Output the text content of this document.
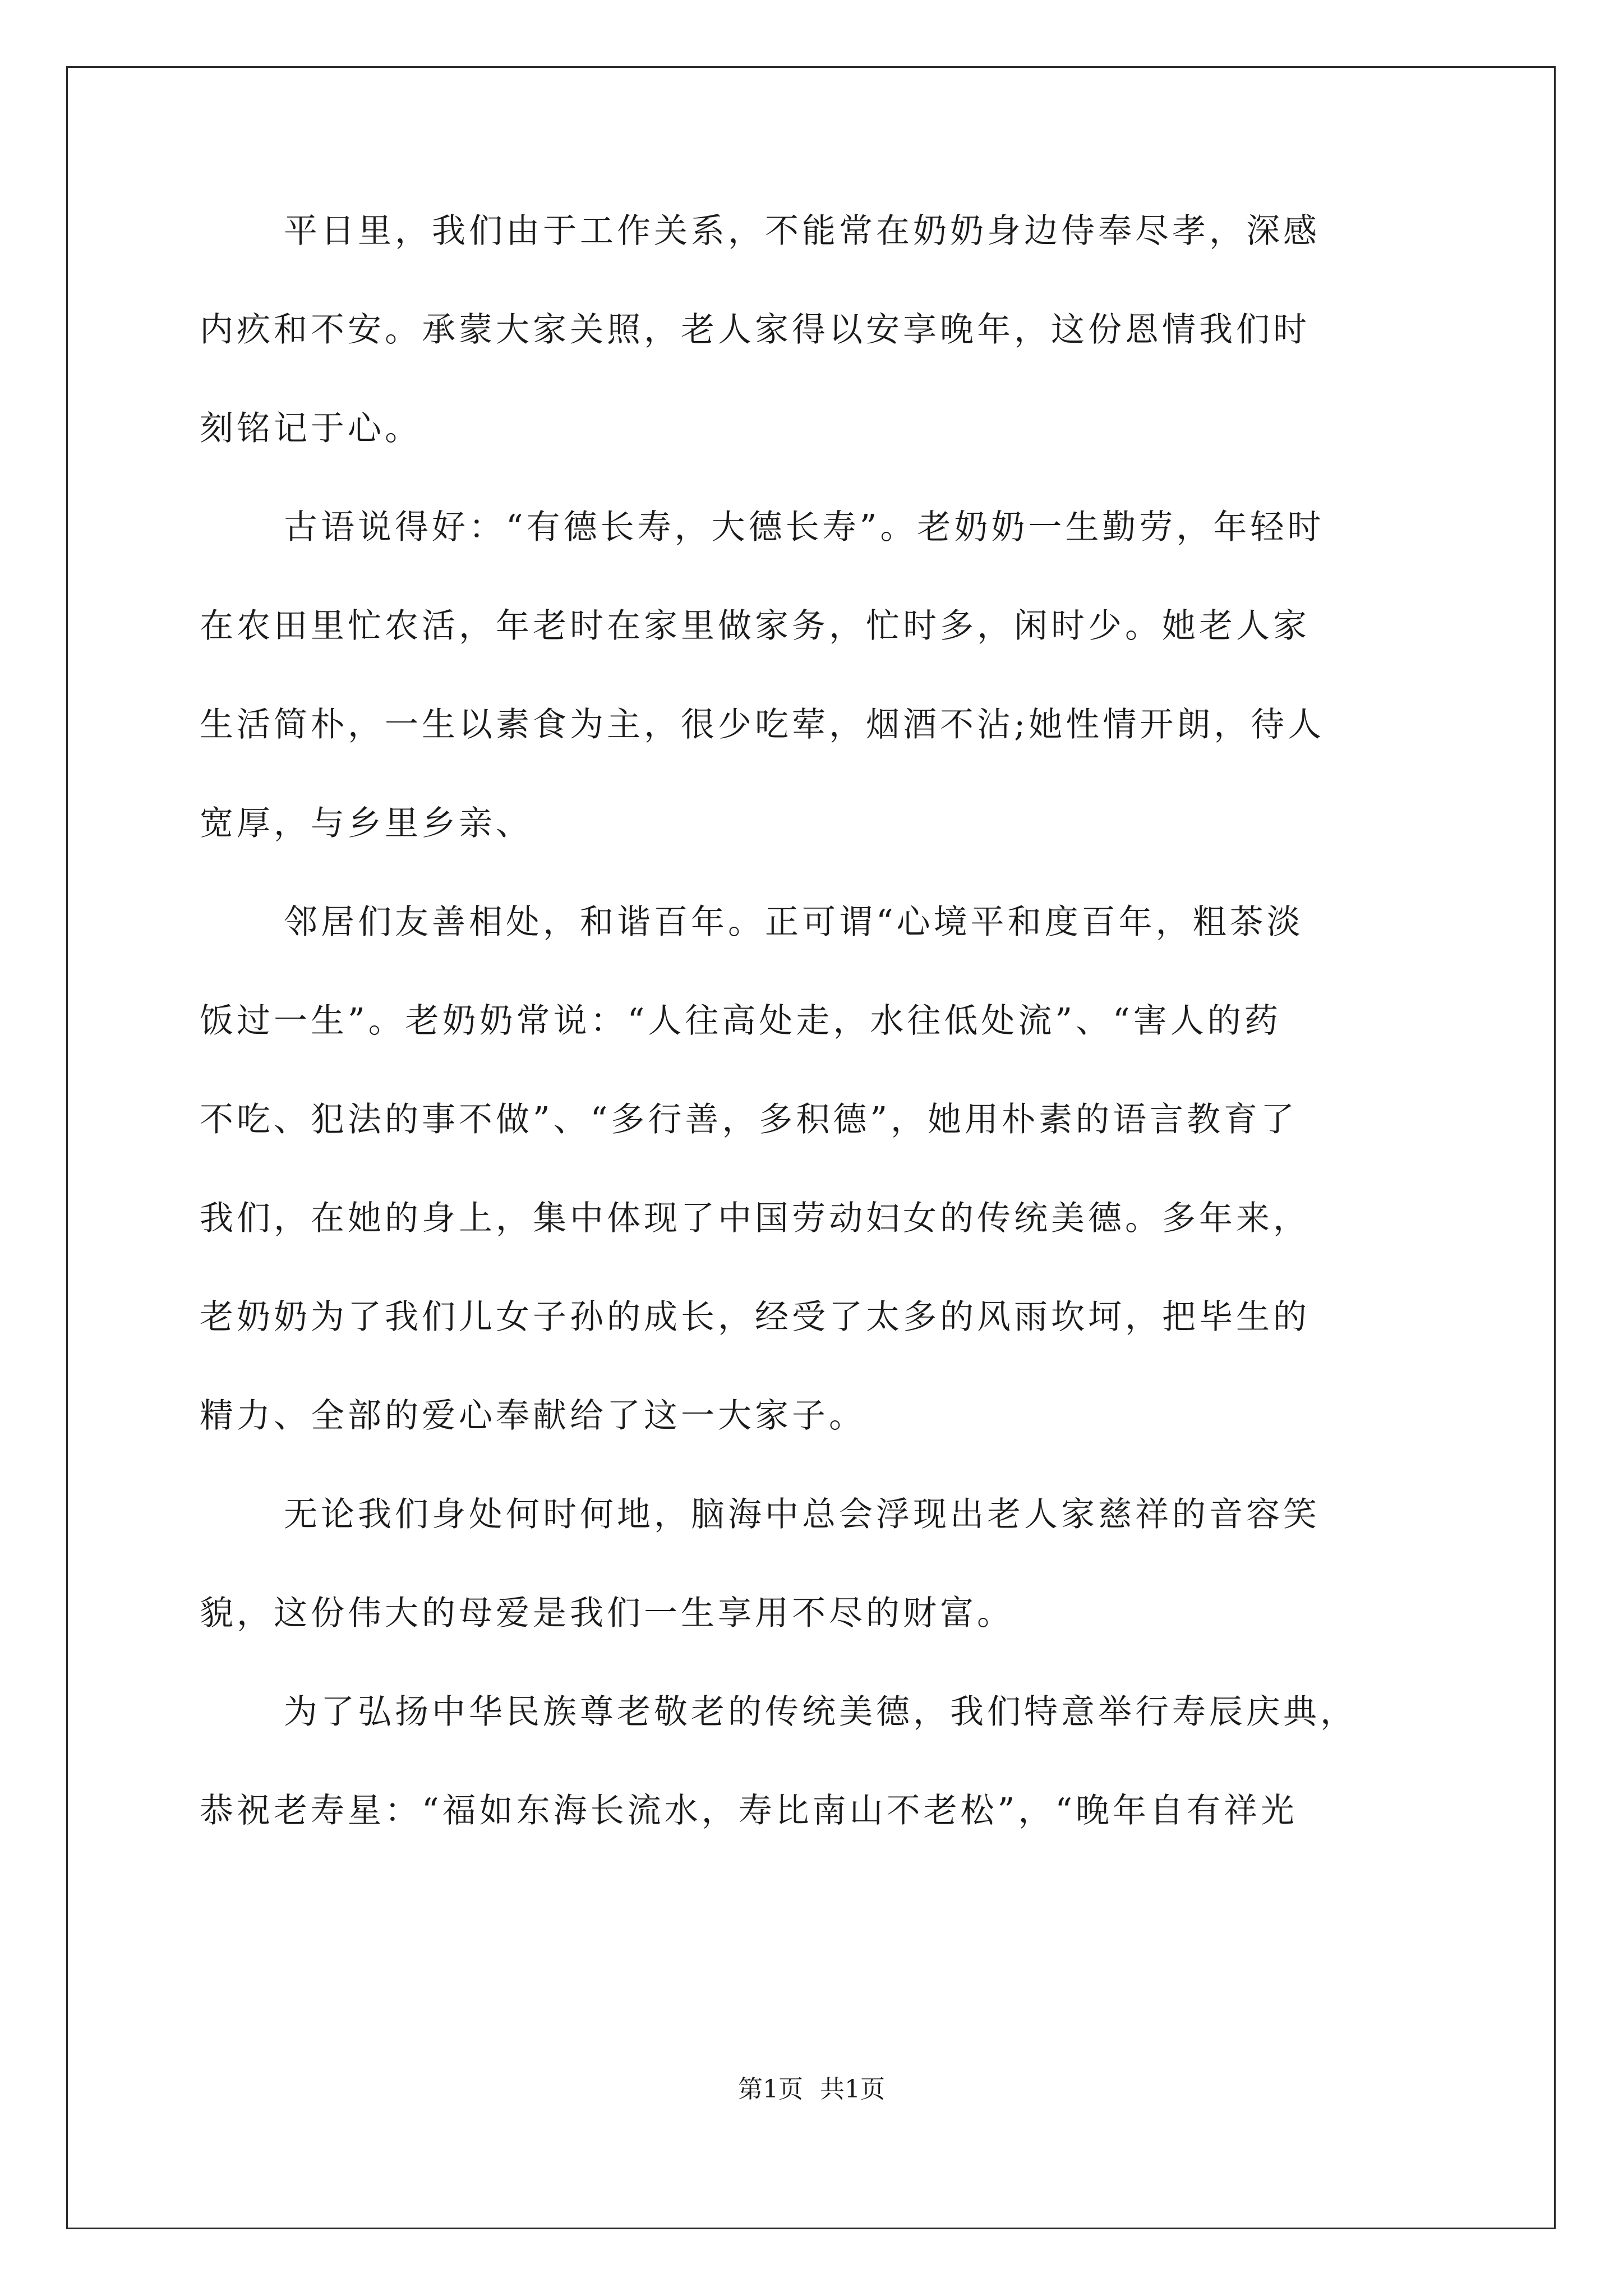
平日里，我们由于工作关系，不能常在奶奶身边侍奉尽孝，深感
内疚和不安。承蒙大家关照，老人家得以安享晚年，这份恩情我们时
刻铭记于心。
古语说得好：“有德长寿，大德长寿”。老奶奶一生勤劳，年轻时
在农田里忙农活，年老时在家里做家务，忙时多，闲时少。她老人家
生活简朴，一生以素食为主，很少吃荤，烟酒不沾;她性情开朗，待人
宽厚，与乡里乡亲、
邻居们友善相处，和谐百年。正可谓“心境平和度百年，粗茶淡
饭过一生”。老奶奶常说：“人往高处走，水往低处流”、“害人的药
不吃、犯法的事不做”、“多行善，多积德”，她用朴素的语言教育了
我们，在她的身上，集中体现了中国劳动妇女的传统美德。多年来，
老奶奶为了我们儿女子孙的成长，经受了太多的风雨坎坷，把毕生的
精力、全部的爱心奉献给了这一大家子。
无论我们身处何时何地，脑海中总会浮现出老人家慈祥的音容笑
貌，这份伟大的母爱是我们一生享用不尽的财富。
为了弘扬中华民族尊老敬老的传统美德，我们特意举行寿辰庆典，
恭祝老寿星：“福如东海长流水，寿比南山不老松”，“晚年自有祥光
第1页 共1页
